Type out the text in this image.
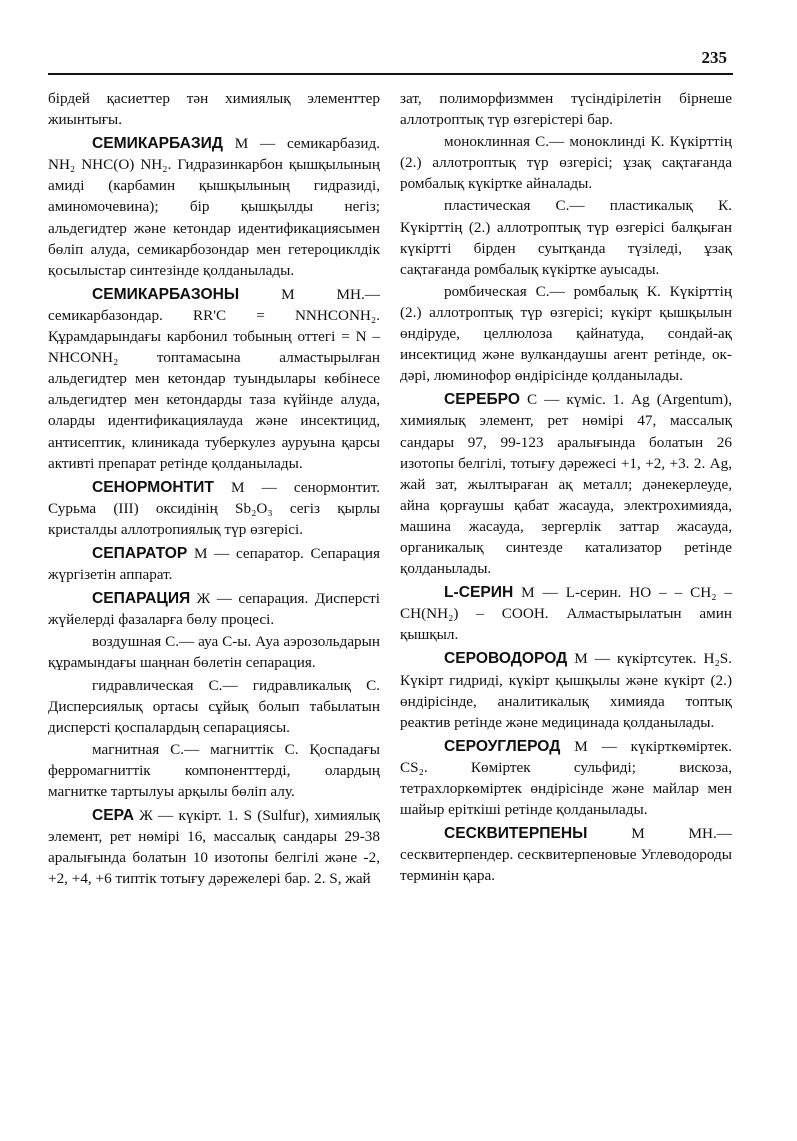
235

бірдей қасиеттер тән химиялық элементтер жиынтығы.

СЕМИКАРБАЗИД М — семикарбазид. NH₂ NHC(O) NH₂. Гидразинкарбон қышқылының амиді (карбамин қышқылының гидразиді, аминомочевина); бір қышқылды негіз; альдегидтер және кетондар идентификациясымен бөліп алуда, семикарбозондар мен гетероциклдік қосылыстар синтезінде қолданылады.

СЕМИКАРБАЗОНЫ М МН.— семикарбазондар. RR'C = NNHCONH₂. Құрамдарындағы карбонил тобының оттегі = N – NHCONH₂ топтамасына алмастырылған альдегидтер мен кетондар туындылары көбінесе альдегидтер мен кетондарды таза күйінде алуда, оларды идентификациялауда және инсектицид, антисептик, клиникада туберкулез ауруына қарсы активті препарат ретінде қолданылады.

СЕНОРМОНТИТ М — сенормонтит. Сурьма (III) оксидінің Sb₂O₃ сегіз қырлы кристалды аллотропиялық түр өзгерісі.

СЕПАРАТОР М — сепаратор. Сепарация жүргізетін аппарат.

СЕПАРАЦИЯ Ж — сепарация. Дисперсті жүйелерді фазаларға бөлу процесі.

воздушная С.— ауа С-ы. Ауа аэрозольдарын құрамындағы шаңнан бөлетін сепарация.

гидравлическая С.— гидравликалық С. Дисперсиялық ортасы сұйық болып табылатын дисперсті қоспалардың сепарациясы.

магнитная С.— магниттік С. Қоспадағы ферромагниттік компоненттерді, олардың магнитке тартылуы арқылы бөліп алу.

СЕРА Ж — күкірт. 1. S (Sulfur), химиялық элемент, рет нөмірі 16, массалық сандары 29-38 аралығында болатын 10 изотопы белгілі және -2, +2, +4, +6 типтік тотығу дәрежелері бар. 2. S, жай

зат, полиморфизммен түсіндірілетін бірнеше аллотроптық түр өзгерістері бар.

моноклинная С.— моноклинді К. Күкірттің (2.) аллотроптық түр өзгерісі; ұзақ сақтағанда ромбалық күкіртке айналады.

пластическая С.— пластикалық К. Күкірттің (2.) аллотроптық түр өзгерісі балқыған күкіртті бірден суытқанда түзіледі, ұзақ сақтағанда ромбалық күкіртке ауысады.

ромбическая С.— ромбалық К. Күкірттің (2.) аллотроптық түр өзгерісі; күкірт қышқылын өндіруде, целлюлоза қайнатуда, сондай-ақ инсектицид және вулкандаушы агент ретінде, ок-дәрі, люминофор өндірісінде қолданылады.

СЕРЕБРО С — күміс. 1. Ag (Argentum), химиялық элемент, рет нөмірі 47, массалық сандары 97, 99-123 аралығында болатын 26 изотопы белгілі, тотығу дәрежесі +1, +2, +3. 2. Ag, жай зат, жылтыраған ақ металл; дәнекерлеуде, айна қорғаушы қабат жасауда, электрохимияда, машина жасауда, зергерлік заттар жасауда, органикалық синтезде катализатор ретінде қолданылады.

L-СЕРИН М — L-серин. НО – – CH₂ – CH(NH₂) – COOH. Алмастырылатын амин қышқыл.

СЕРОВОДОРОД М — күкіртсутек. H₂S. Күкірт гидриді, күкірт қышқылы және күкірт (2.) өндірісінде, аналитикалық химияда топтық реактив ретінде және медицинада қолданылады.

СЕРОУГЛЕРОД М — күкірткөміртек. CS₂. Көміртек сульфиді; вискоза, тетрахлоркөміртек өндірісінде және майлар мен шайыр еріткіші ретінде қолданылады.

СЕСКВИТЕРПЕНЫ М МН.— сесквитерпендер. сесквитерпеновые Углеводороды терминін қара.
